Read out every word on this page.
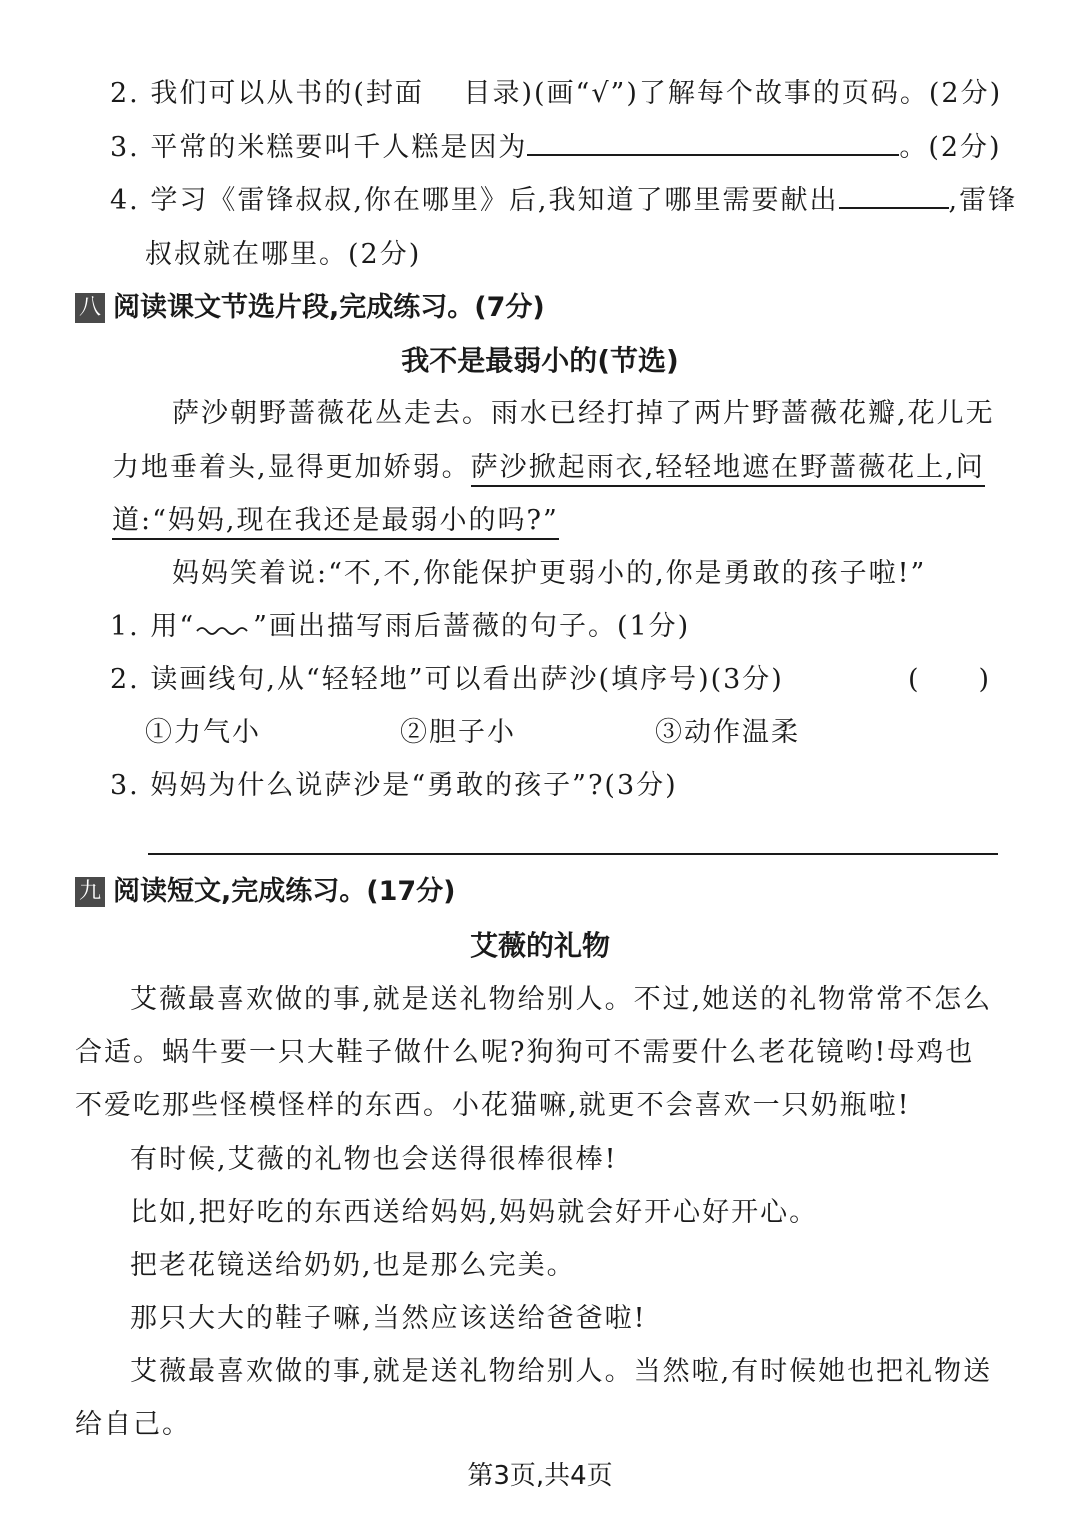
2. 我们可以从书的(封面　 目录)(画“√”)了解每个故事的页码。(2分)
3. 平常的米糕要叫千人糕是因为	。(2分)
4. 学习《雷锋叔叔,你在哪里》后,我知道了哪里需要献出	,雷锋
叔叔就在哪里。(2分)
八 阅读课文节选片段,完成练习。(7分)
我不是最弱小的(节选)
萨沙朝野蔷薇花丛走去。雨水已经打掉了两片野蔷薇花瓣,花儿无
力地垂着头,显得更加娇弱。萨沙掀起雨衣,轻轻地遮在野蔷薇花上,问
道:“妈妈,现在我还是最弱小的吗?”
妈妈笑着说:“不,不,你能保护更弱小的,你是勇敢的孩子啦!”
1. 用“ ”画出描写雨后蔷薇的句子。(1分)
2. 读画线句,从“轻轻地”可以看出萨沙(填序号)(3分)	(　　)
①力气小	②胆子小	③动作温柔
3. 妈妈为什么说萨沙是“勇敢的孩子”?(3分)
九 阅读短文,完成练习。(17分)
艾薇的礼物
艾薇最喜欢做的事,就是送礼物给别人。不过,她送的礼物常常不怎么
合适。蜗牛要一只大鞋子做什么呢?狗狗可不需要什么老花镜哟!母鸡也
不爱吃那些怪模怪样的东西。小花猫嘛,就更不会喜欢一只奶瓶啦!
有时候,艾薇的礼物也会送得很棒很棒!
比如,把好吃的东西送给妈妈,妈妈就会好开心好开心。
把老花镜送给奶奶,也是那么完美。
那只大大的鞋子嘛,当然应该送给爸爸啦!
艾薇最喜欢做的事,就是送礼物给别人。当然啦,有时候她也把礼物送
给自己。
第3页,共4页
